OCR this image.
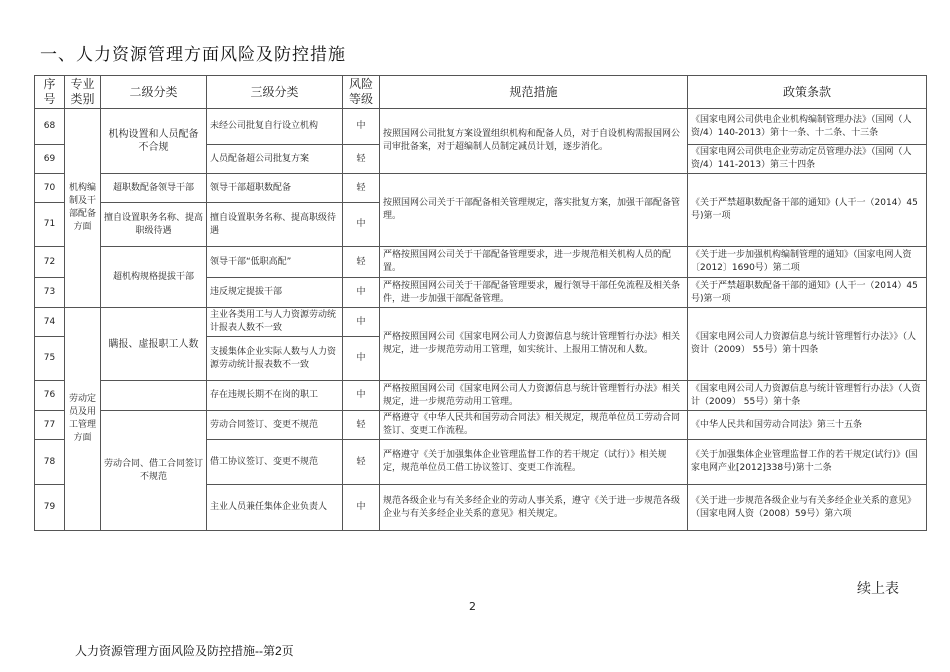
一、人力资源管理方面风险及防控措施
序号	专业类别	二级分类	三级分类	风险等级	规范措施	政策条款
68	机构编制及干部配备方面	机构设置和人员配备不合规	未经公司批复自行设立机构	中	按照国网公司批复方案设置组织机构和配备人员，对于自设机构需报国网公司审批备案，对于超编制人员制定减员计划，逐步消化。	《国家电网公司供电企业机构编制管理办法》（国网（人资/4）140-2013）第十一条、十二条、十三条
69			人员配备超公司批复方案	轻		《国家电网公司供电企业劳动定员管理办法》（国网（人资/4）141-2013）第三十四条
70		超职数配备领导干部	领导干部超职数配备	轻	按照国网公司关于干部配备相关管理规定，落实批复方案，加强干部配备管理。	《关于严禁超职数配备干部的通知》(人干一（2014）45号)第一项
71		擅自设置职务名称、提高职级待遇	擅自设置职务名称、提高职级待遇	中		
72		超机构规格提拔干部	领导干部“低职高配”	轻	严格按照国网公司关于干部配备管理要求，进一步规范相关机构人员的配置。	《关于进一步加强机构编制管理的通知》（国家电网人资〔2012〕1690号）第二项
73			违反规定提拔干部	中	严格按照国网公司关于干部配备管理要求，履行领导干部任免流程及相关条件，进一步加强干部配备管理。	《关于严禁超职数配备干部的通知》(人干一（2014）45号)第一项
74	劳动定员及用工管理方面	瞒报、虚报职工人数	主业各类用工与人力资源劳动统计报表人数不一致	中	严格按照国网公司《国家电网公司人力资源信息与统计管理暂行办法》相关规定，进一步规范劳动用工管理，如实统计、上报用工情况和人数。	《国家电网公司人力资源信息与统计管理暂行办法》》（人资计（2009） 55号）第十四条
75			支援集体企业实际人数与人力资源劳动统计报表数不一致	中		
76			存在违规长期不在岗的职工	中	严格按照国网公司《国家电网公司人力资源信息与统计管理暂行办法》相关规定，进一步规范劳动用工管理。	《国家电网公司人力资源信息与统计管理暂行办法》（人资计（2009） 55号）第十条
77		劳动合同、借工合同签订不规范	劳动合同签订、变更不规范	轻	严格遵守《中华人民共和国劳动合同法》相关规定，规范单位员工劳动合同签订、变更工作流程。	《中华人民共和国劳动合同法》第三十五条
78			借工协议签订、变更不规范	轻	严格遵守《关于加强集体企业管理监督工作的若干规定（试行）》相关规定，规范单位员工借工协议签订、变更工作流程。	《关于加强集体企业管理监督工作的若干规定(试行)》(国家电网产业[2012]338号)第十二条
79			主业人员兼任集体企业负责人	中	规范各级企业与有关多经企业的劳动人事关系，遵守《关于进一步规范各级企业与有关多经企业关系的意见》相关规定。	《关于进一步规范各级企业与有关多经企业关系的意见》（国家电网人资（2008）59号）第六项
续上表
2
人力资源管理方面风险及防控措施--第2页
